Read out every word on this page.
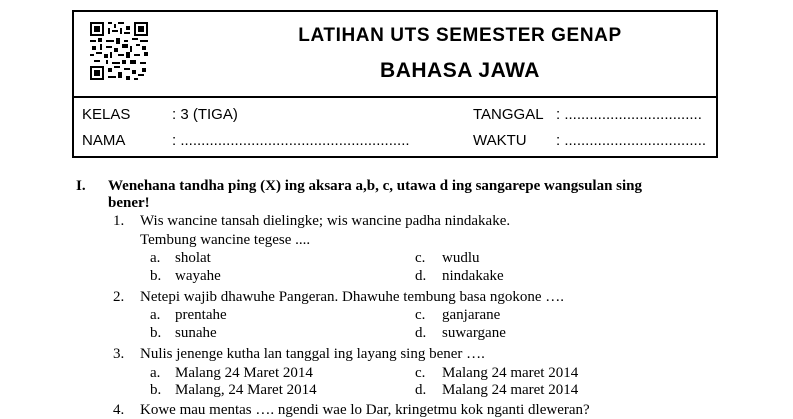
LATIHAN UTS SEMESTER GENAP
BAHASA JAWA
KELAS	: 3 (TIGA)	TANGGAL : .................................
NAMA	: .......................................................	WAKTU : ..................................
I. Wenehana tandha ping (X) ing aksara a,b, c, utawa d ing sangarepe wangsulan sing
bener!
1. Wis wancine tansah dielingke; wis wancine padha nindakake.
Tembung wancine tegese ....
a. sholat
b. wayahe
c. wudlu
d. nindakake
2. Netepi wajib dhawuhe Pangeran. Dhawuhe tembung basa ngokone ….
a. prentahe
b. sunahe
c. ganjarane
d. suwargane
3. Nulis jenenge kutha lan tanggal ing layang sing bener ….
a. Malang 24 Maret 2014
b. Malang, 24 Maret 2014
c. Malang 24 maret 2014
d. Malang 24 maret 2014
4. Kowe mau mentas …. ngendi wae lo Dar, kringetmu kok nganti dleweran?
